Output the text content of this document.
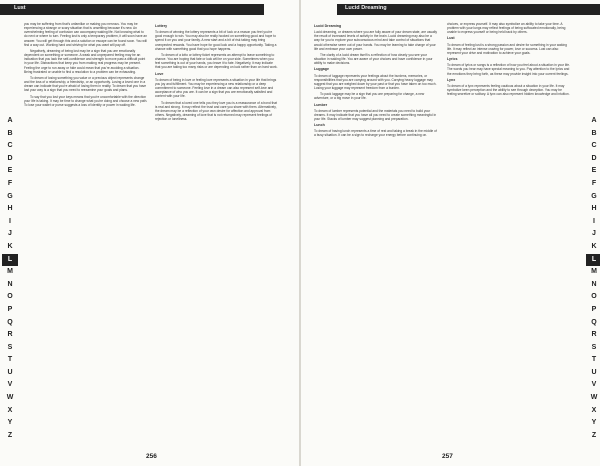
Lust
A
B
C
D
E
F
G
H
I
J
K
L
M
N
O
P
Q
R
S
T
U
V
W
X
Y
Z

you may be suffering from that's unfamiliar or making you nervous. You may be experiencing a strange or scary situation that is unsettling because it's new. An overwhelming feeling of confusion can accompany waking life. Not knowing what to do next or where to turn. Feeling lost is only a temporary problem, it will soon have an answer. You will get through this and a solution or escape can be found soon. You will find a way out. Working hard and striving for what you want will pay off.

Negatively, dreaming of being lost may be a sign that you are emotionally dependent on something or someone. A weak and unprepared feeling may be an indication that you lack the self-confidence and strength to move past a difficult point in your life. Distractions that keep you from making real progress may be present. Feeling the urge to run away or hide could mean that you're avoiding a situation. Being frustrated or unable to find a resolution to a problem can be exhausting.

To dream of losing something you value or a precious object represents change and the loss of a relationship, a friendship, or an opportunity. Losing a loved one in a dream can indicate that you're afraid of losing them in reality. To dream that you have lost your way is a sign that you need to reexamine your goals and plans.

To say that you lost your keys means that you're uncomfortable with the direction your life is taking. It may be time to change what you're doing and choose a new path. To lose your wallet or purse suggests a loss of identity or power in waking life.

Lottery

To dream of winning the lottery represents a bit of luck or a reason you feel you're good enough to win. You may also be really hooked on something good and hope to spend it on you and your family. A new start and a bit of risk taking may bring unexpected rewards. You have hope for good luck and a happy opportunity. Taking a chance with something good that you hope happens.

To dream of a lotto or lottery ticket represents an attempt to leave something to chance. You are hoping that fate or luck will be on your side. Sometimes when you feel something is out of your hands, you leave it to fate. Negatively, it may indicate that you are taking too many risks or are depending on luck rather than on hard work.

Love

To dream of being in love or feeling love represents a situation in your life that brings you joy and fulfillment. You may be experiencing a new relationship or a deep commitment to someone. Feeling love in a dream can also represent self-love and acceptance of who you are. It can be a sign that you are emotionally satisfied and content with your life.

To dream that a loved one tells you they love you is a reassurance of a bond that is real and strong. It may reflect the trust and care you share with them. Alternatively, the dream may be a reflection of your own desire for affection and approval from others. Negatively, dreaming of love that is not returned may represent feelings of rejection or loneliness.

256
Lucid Dreaming
A
B
C
D
E
F
G
H
I
J
K
L
M
N
O
P
Q
R
S
T
U
V
W
X
Y
Z

Lucid Dreaming

Lucid dreaming, or dreams where you are fully aware of your dream state, are usually the result of increased levels of activity in the brain. Lucid dreaming may also be a way for you to explore your subconscious mind and take control of situations that would otherwise seem out of your hands. You may be learning to take charge of your life and embrace your own power.

The clarity of a lucid dream itself is a reflection of how clearly you see your situation in waking life. You are aware of your choices and have confidence in your ability to make decisions.

Luggage

To dream of luggage represents your feelings about the burdens, memories, or responsibilities that you are carrying around with you. Carrying heavy luggage may suggest that you are weighed down by your past or that you have taken on too much. Losing your luggage may represent freedom from a burden.

To pack luggage may be a sign that you are preparing for change, a new adventure, or a big move in your life.

Lumber

To dream of lumber represents potential and the materials you need to build your dreams. It may indicate that you have all you need to create something meaningful in your life. Stacks of lumber may suggest planning and preparation.

Lunch

To dream of having lunch represents a time of rest and taking a break in the middle of a busy situation. It can be a sign to recharge your energy before continuing on.

choices, or express yourself. It may also symbolize an ability to take your time. A problem with your lungs may reflect feelings of being suffocated emotionally, being unable to express yourself or being held back by others.

Lust

To dream of feeling lust is a strong passion and desire for something in your waking life. It may reflect an intense craving for power, love or success. Lust can also represent your drive and motivation to achieve your goals.

Lyrics

To dream of lyrics or songs is a reflection of how you feel about a situation in your life. The words you hear may have special meaning to you. Pay attention to the lyrics and the emotions they bring forth, as these may provide insight into your current feelings.

Lynx

To dream of a lynx represents feeling cautious about a situation in your life. It may symbolize keen perception and the ability to see through deception. You may be feeling secretive or solitary. A lynx can also represent hidden knowledge and intuition.

257
